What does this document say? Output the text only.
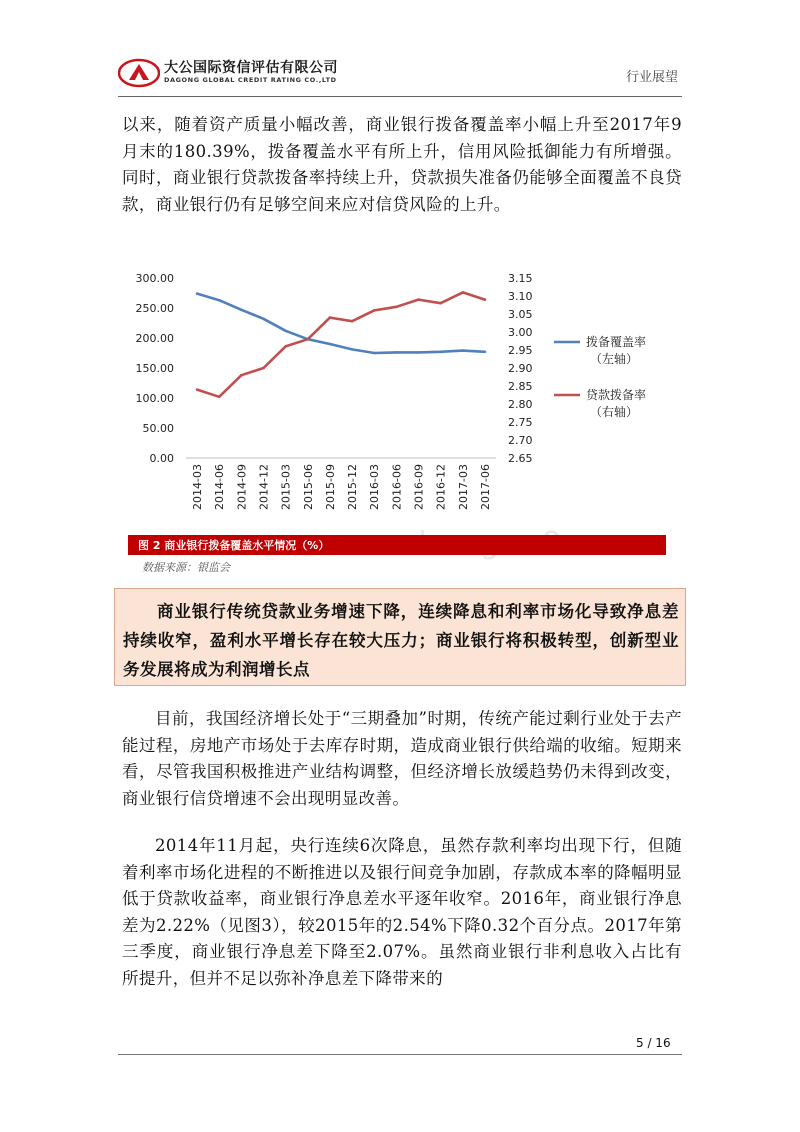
大公国际资信评估有限公司
DAGONG GLOBAL CREDIT RATING CO.,LTD	行业展望

以来，随着资产质量小幅改善，商业银行拨备覆盖率小幅上升至2017年9月末的180.39%，拨备覆盖水平有所上升，信用风险抵御能力有所增强。同时，商业银行贷款拨备率持续上升，贷款损失准备仍能够全面覆盖不良贷款，商业银行仍有足够空间来应对信贷风险的上升。

0.00
50.00
100.00
150.00
200.00
250.00
300.00
2.65
2.70
2.75
2.80
2.85
2.90
2.95
3.00
3.05
3.10
3.15
2014-03 2014-06 2014-09 2014-12 2015-03 2015-06 2015-09 2015-12 2016-03 2016-06 2016-09 2016-12 2017-03 2017-06
拨备覆盖率
（左轴）
贷款拨备率
（右轴）
图 2 商业银行拨备覆盖水平情况（%）
数据来源：银监会

商业银行传统贷款业务增速下降，连续降息和利率市场化导致净息差持续收窄，盈利水平增长存在较大压力；商业银行将积极转型，创新型业务发展将成为利润增长点

目前，我国经济增长处于“三期叠加”时期，传统产能过剩行业处于去产能过程，房地产市场处于去库存时期，造成商业银行供给端的收缩。短期来看，尽管我国积极推进产业结构调整，但经济增长放缓趋势仍未得到改变，商业银行信贷增速不会出现明显改善。

2014年11月起，央行连续6次降息，虽然存款利率均出现下行，但随着利率市场化进程的不断推进以及银行间竞争加剧，存款成本率的降幅明显低于贷款收益率，商业银行净息差水平逐年收窄。2016年，商业银行净息差为2.22%（见图3），较2015年的2.54%下降0.32个百分点。2017年第三季度，商业银行净息差下降至2.07%。虽然商业银行非利息收入占比有所提升，但并不足以弥补净息差下降带来的

5 / 16
